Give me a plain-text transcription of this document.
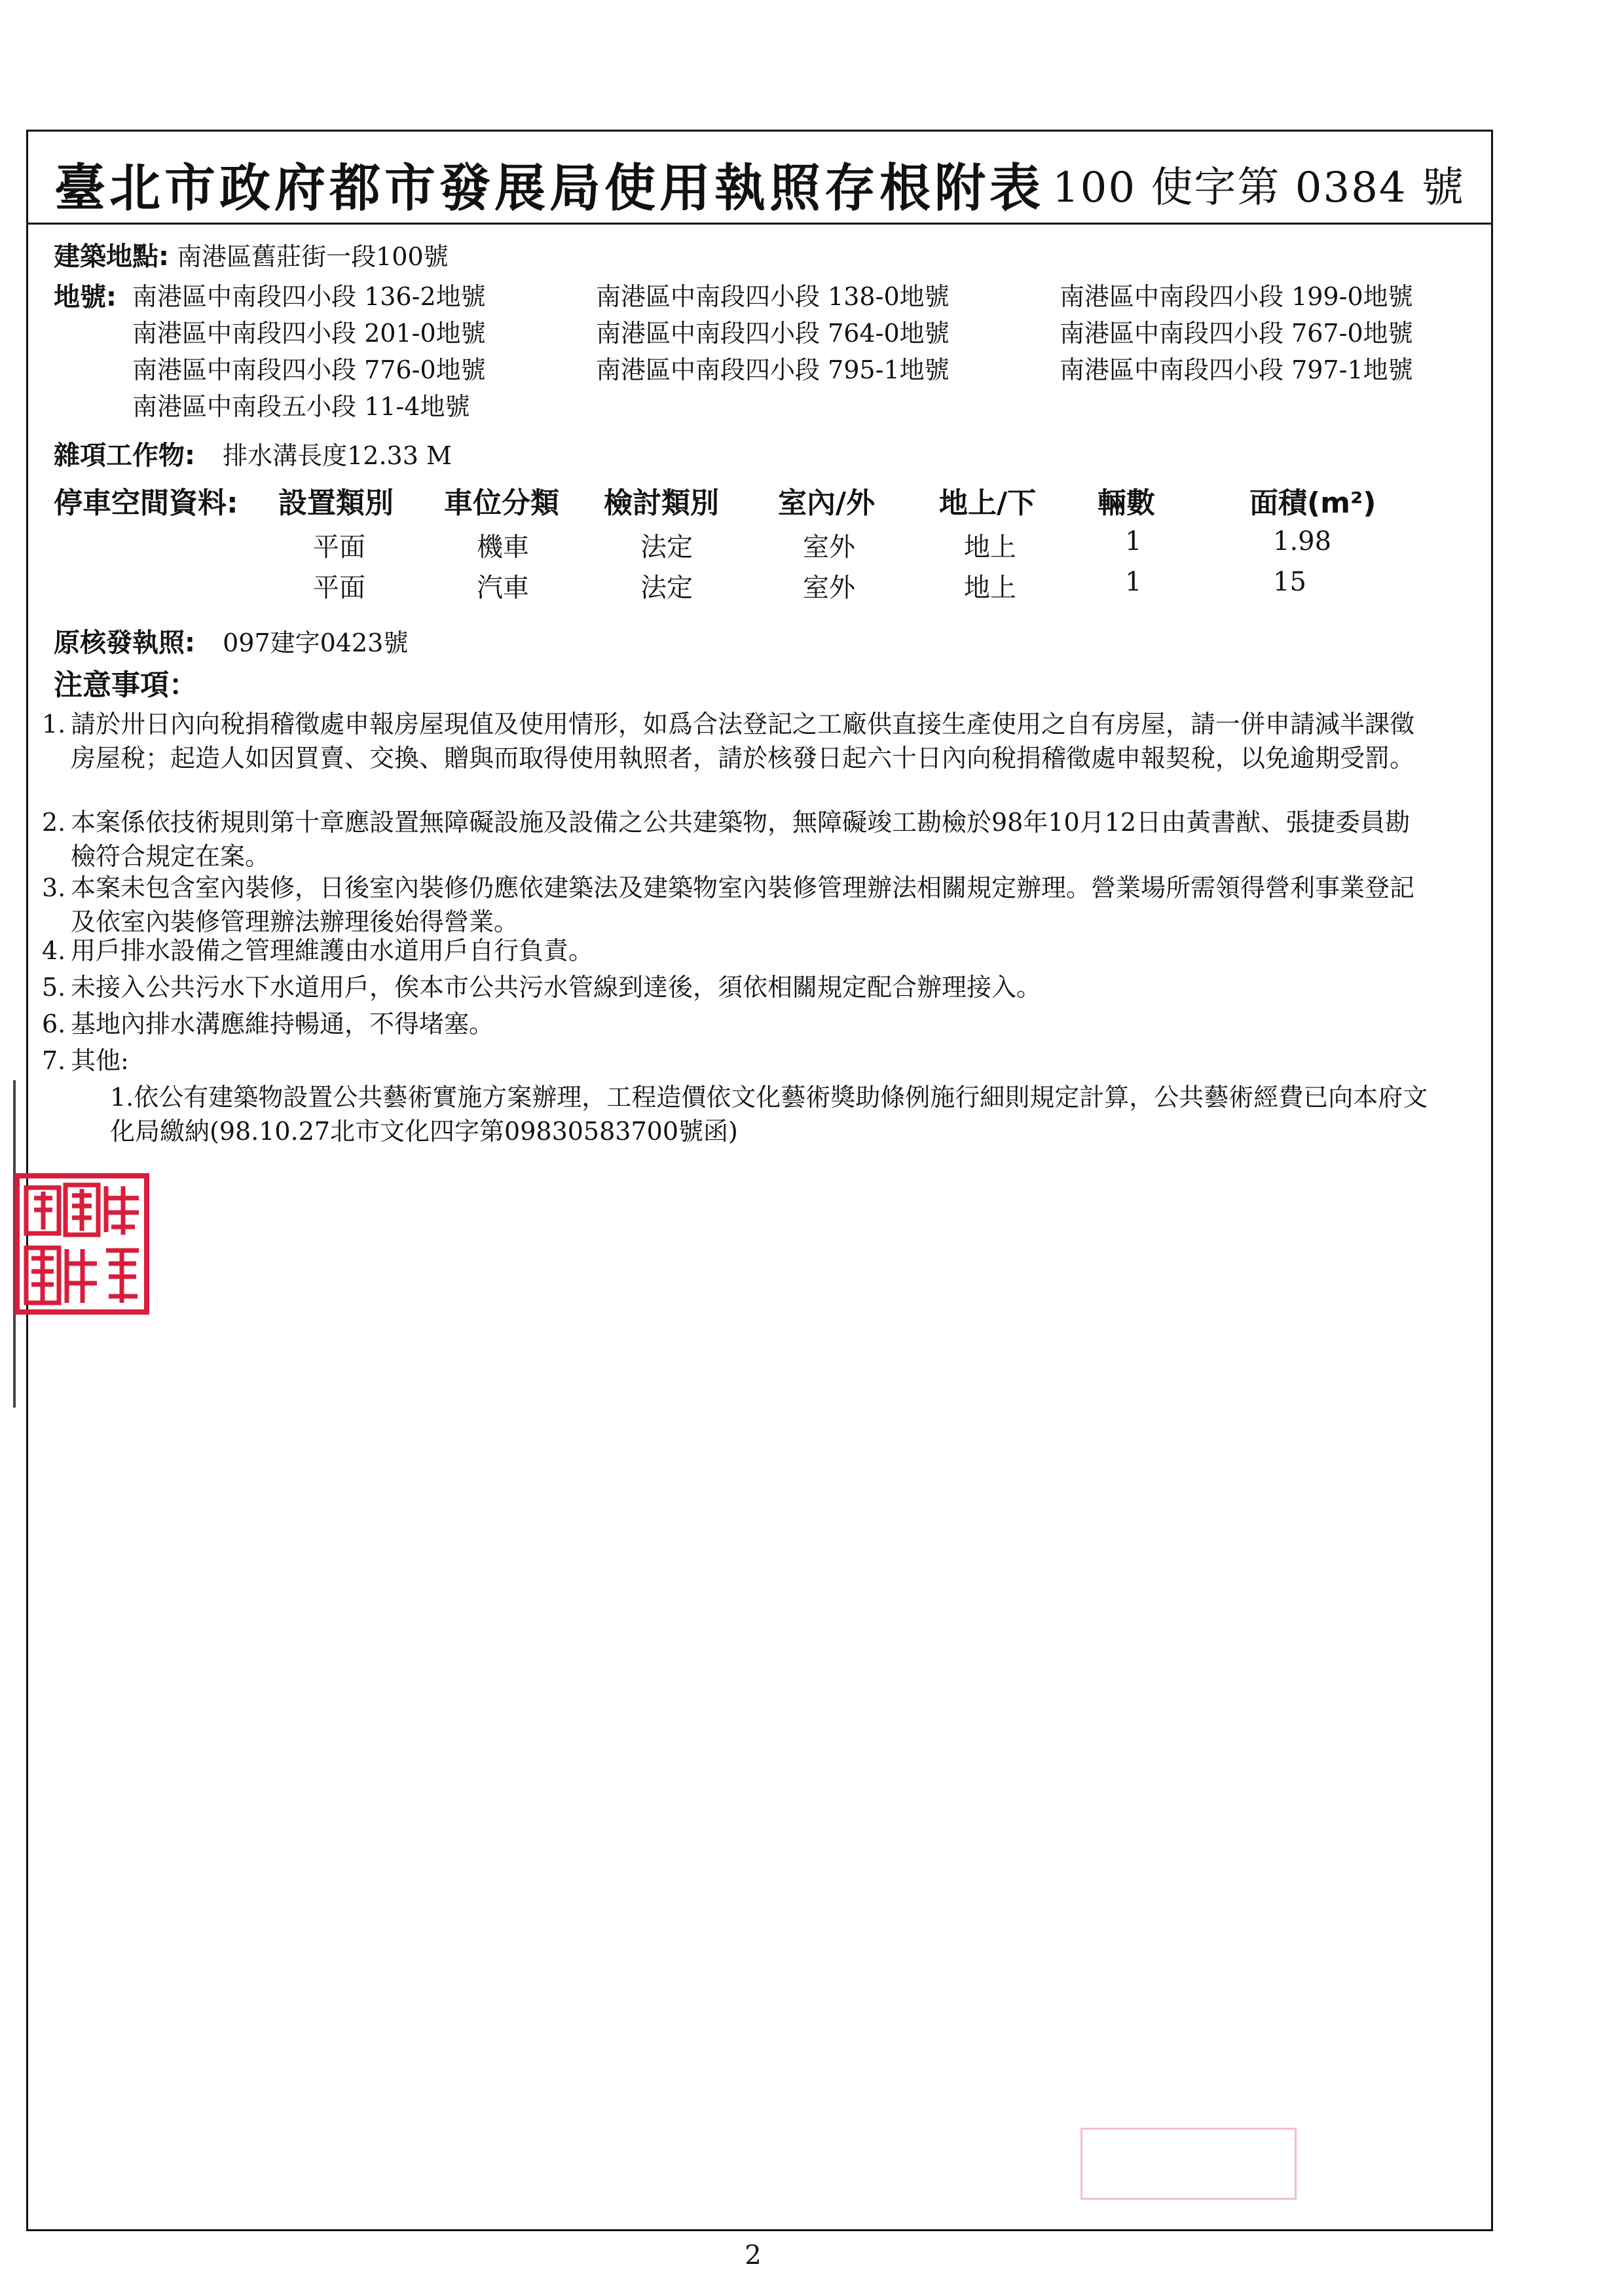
臺北市政府都市發展局使用執照存根附表 100 使字第 0384 號
建築地點: 南港區舊莊街一段100號
地號: 南港區中南段四小段 136-2地號	南港區中南段四小段 138-0地號	南港區中南段四小段 199-0地號
南港區中南段四小段 201-0地號	南港區中南段四小段 764-0地號	南港區中南段四小段 767-0地號
南港區中南段四小段 776-0地號	南港區中南段四小段 795-1地號	南港區中南段四小段 797-1地號
南港區中南段五小段 11-4地號
雜項工作物: 排水溝長度12.33 M
停車空間資料: 設置類別 車位分類 檢討類別 室內/外 地上/下 輛數	面積(m²)
平面	機車	法定	室外	地上	1	1.98
平面	汽車	法定	室外	地上	1	15
原核發執照: 097建字0423號
注意事項：
1. 請於卅日內向稅捐稽徵處申報房屋現值及使用情形，如爲合法登記之工廠供直接生產使用之自有房屋，請一併申請減半課徵房屋稅；起造人如因買賣、交換、贈與而取得使用執照者，請於核發日起六十日內向稅捐稽徵處申報契稅，以免逾期受罰。
2. 本案係依技術規則第十章應設置無障礙設施及設備之公共建築物，無障礙竣工勘檢於98年10月12日由黃書猷、張捷委員勘檢符合規定在案。
3. 本案未包含室內裝修，日後室內裝修仍應依建築法及建築物室內裝修管理辦法相關規定辦理。營業場所需領得營利事業登記及依室內裝修管理辦法辦理後始得營業。
4. 用戶排水設備之管理維護由水道用戶自行負責。
5. 未接入公共污水下水道用戶，俟本市公共污水管線到達後，須依相關規定配合辦理接入。
6. 基地內排水溝應維持暢通，不得堵塞。
7. 其他:
1.依公有建築物設置公共藝術實施方案辦理，工程造價依文化藝術獎助條例施行細則規定計算，公共藝術經費已向本府文化局繳納(98.10.27北市文化四字第09830583700號函)
2
